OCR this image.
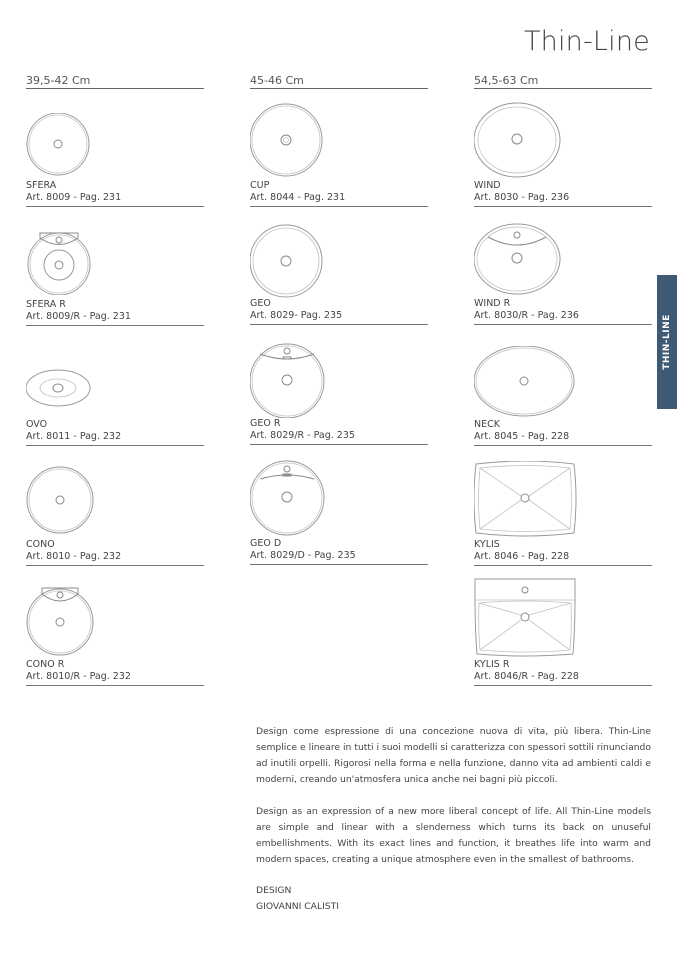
Thin-Line
39,5-42 Cm	45-46 Cm	54,5-63 Cm
SFERA
Art. 8009 - Pag. 231
SFERA R
Art. 8009/R - Pag. 231
OVO
Art. 8011 - Pag. 232
CONO
Art. 8010 - Pag. 232
CONO R
Art. 8010/R - Pag. 232
CUP
Art. 8044 - Pag. 231
GEO
Art. 8029- Pag. 235
GEO R
Art. 8029/R - Pag. 235
GEO D
Art. 8029/D - Pag. 235
WIND
Art. 8030 - Pag. 236
WIND R
Art. 8030/R - Pag. 236
NECK
Art. 8045 - Pag. 228
KYLIS
Art. 8046 - Pag. 228
KYLIS R
Art. 8046/R - Pag. 228
THIN-LINE

Design come espressione di una concezione nuova di vita, più libera. Thin-Line semplice e lineare in tutti i suoi modelli si caratterizza con spessori sottili rinunciando ad inutili orpelli. Rigorosi nella forma e nella funzione, danno vita ad ambienti caldi e moderni, creando un'atmosfera unica anche nei bagni più piccoli.

Design as an expression of a new more liberal concept of life. All Thin-Line models are simple and linear with a slenderness which turns its back on unuseful embellishments. With its exact lines and function, it breathes life into warm and modern spaces, creating a unique atmosphere even in the smallest of bathrooms.

DESIGN

GIOVANNI CALISTI
